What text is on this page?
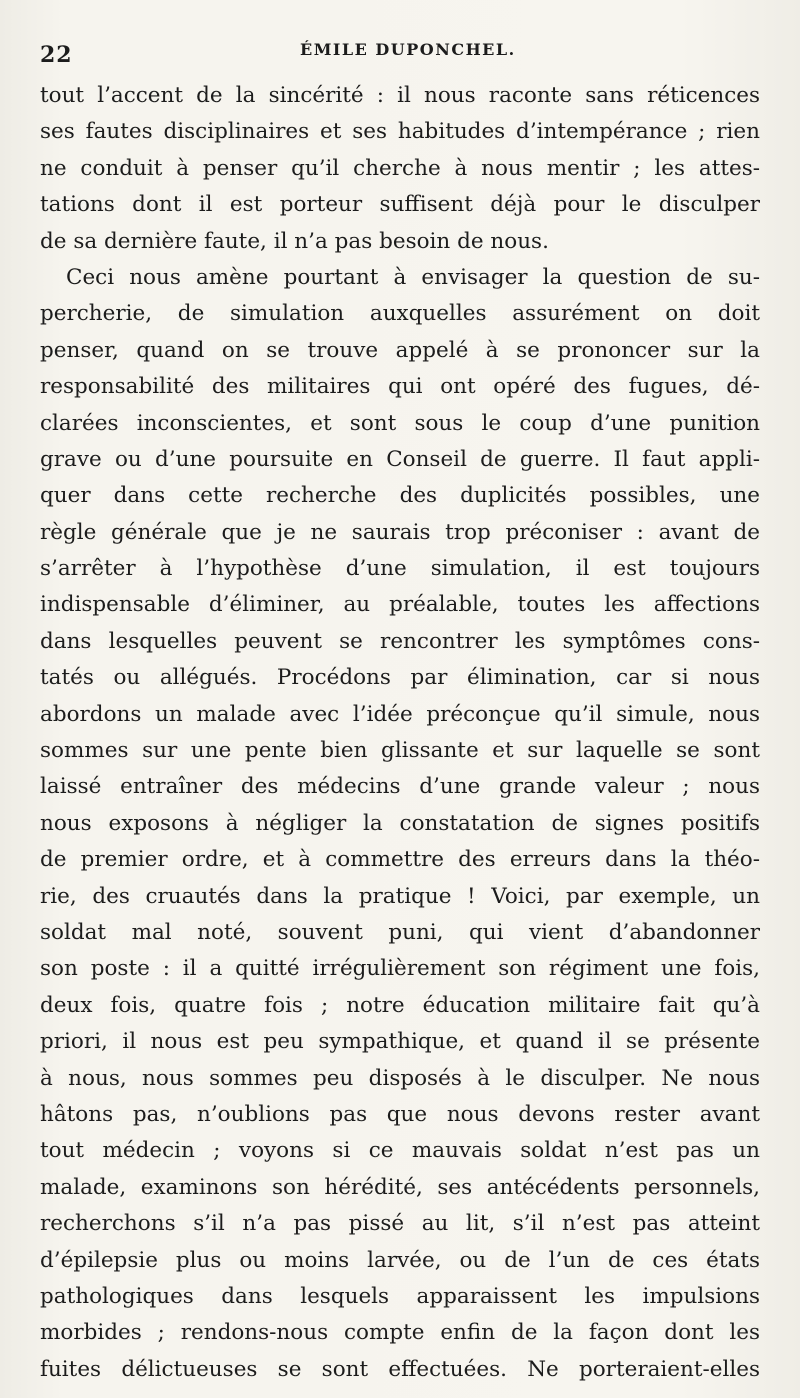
22	ÉMILE DUPONCHEL.
tout l’accent de la sincérité : il nous raconte sans réticences
ses fautes disciplinaires et ses habitudes d’intempérance ; rien
ne conduit à penser qu’il cherche à nous mentir ; les attes-
tations dont il est porteur suffisent déjà pour le disculper
de sa dernière faute, il n’a pas besoin de nous.
Ceci nous amène pourtant à envisager la question de su-
percherie, de simulation auxquelles assurément on doit
penser, quand on se trouve appelé à se prononcer sur la
responsabilité des militaires qui ont opéré des fugues, dé-
clarées inconscientes, et sont sous le coup d’une punition
grave ou d’une poursuite en Conseil de guerre. Il faut appli-
quer dans cette recherche des duplicités possibles, une
règle générale que je ne saurais trop préconiser : avant de
s’arrêter à l’hypothèse d’une simulation, il est toujours
indispensable d’éliminer, au préalable, toutes les affections
dans lesquelles peuvent se rencontrer les symptômes cons-
tatés ou allégués. Procédons par élimination, car si nous
abordons un malade avec l’idée préconçue qu’il simule, nous
sommes sur une pente bien glissante et sur laquelle se sont
laissé entraîner des médecins d’une grande valeur ; nous
nous exposons à négliger la constatation de signes positifs
de premier ordre, et à commettre des erreurs dans la théo-
rie, des cruautés dans la pratique ! Voici, par exemple, un
soldat mal noté, souvent puni, qui vient d’abandonner
son poste : il a quitté irrégulièrement son régiment une fois,
deux fois, quatre fois ; notre éducation militaire fait qu’à
priori, il nous est peu sympathique, et quand il se présente
à nous, nous sommes peu disposés à le disculper. Ne nous
hâtons pas, n’oublions pas que nous devons rester avant
tout médecin ; voyons si ce mauvais soldat n’est pas un
malade, examinons son hérédité, ses antécédents personnels,
recherchons s’il n’a pas pissé au lit, s’il n’est pas atteint
d’épilepsie plus ou moins larvée, ou de l’un de ces états
pathologiques dans lesquels apparaissent les impulsions
morbides ; rendons-nous compte enfin de la façon dont les
fuites délictueuses se sont effectuées. Ne porteraient-elles
